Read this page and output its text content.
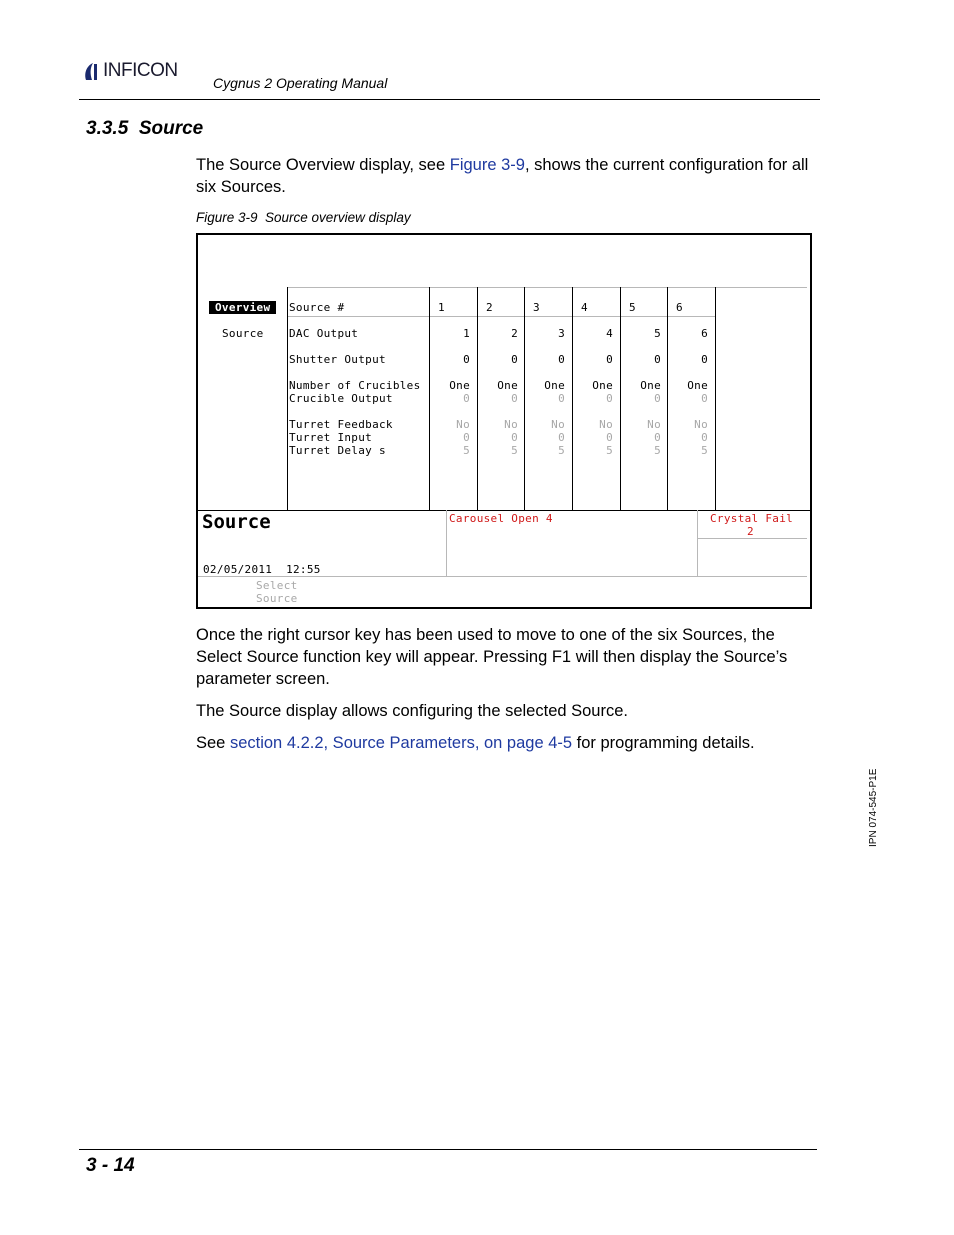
INFICON
Cygnus 2 Operating Manual
3.3.5  Source
The Source Overview display, see Figure 3-9, shows the current configuration for all six Sources.
Figure 3-9  Source overview display
Overview
Source
Source #
DAC Output
Shutter Output
Number of Crucibles
Crucible Output
Turret Feedback
Turret Input
Turret Delay s
1
1
0
One
0
No
0
5
2
2
0
One
0
No
0
5
3
3
0
One
0
No
0
5
4
4
0
One
0
No
0
5
5
5
0
One
0
No
0
5
6
6
0
One
0
No
0
5
Source	Carousel Open 4	Crystal Fail
2
02/05/2011  12:55
Select
Source
Once the right cursor key has been used to move to one of the six Sources, the Select Source function key will appear. Pressing F1 will then display the Source’s parameter screen.
The Source display allows configuring the selected Source.
See section 4.2.2, Source Parameters, on page 4-5 for programming details.
IPN 074-545-P1E
3 - 14
